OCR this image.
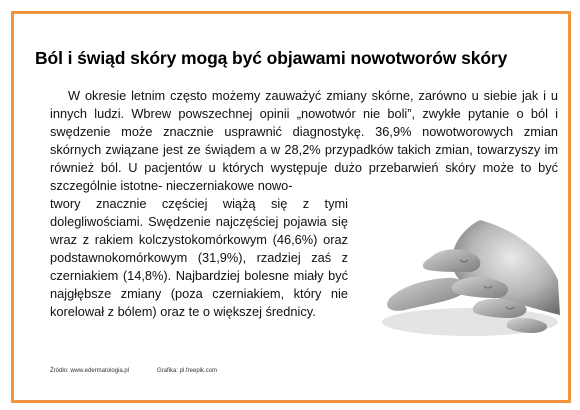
Ból i świąd skóry mogą być objawami nowotworów skóry

W okresie letnim często możemy zauważyć zmiany skórne, zarówno u siebie jak i u innych ludzi. Wbrew powszechnej opinii „nowotwór nie boli”, zwykłe pytanie o ból i swędzenie może znacznie usprawnić diagnostykę. 36,9% nowotworowych zmian skórnych związane jest ze świądem a w 28,2% przypadków takich zmian, towarzyszy im również ból. U pacjentów u których występuje dużo przebarwień skóry może to być szczególnie istotne- nieczerniakowe nowo-

twory znacznie częściej wiążą się z tymi dolegliwościami. Swędzenie najczęściej pojawia się wraz z rakiem kolczystokomórkowym (46,6%) oraz podstawnokomórkowym (31,9%), rzadziej zaś z czerniakiem (14,8%). Najbardziej bolesne miały być najgłębsze zmiany (poza czerniakiem, który nie korelował z bólem) oraz te o większej średnicy.

Źródło: www.edermatologia.pl	Grafika: pl.freepik.com
